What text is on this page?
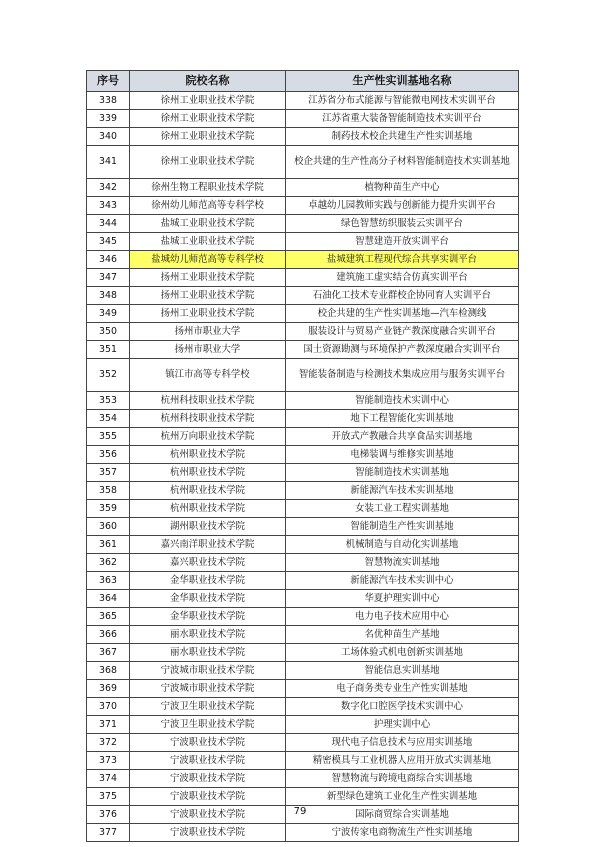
序号	院校名称	生产性实训基地名称
338	徐州工业职业技术学院	江苏省分布式能源与智能微电网技术实训平台
339	徐州工业职业技术学院	江苏省重大装备智能制造技术实训平台
340	徐州工业职业技术学院	制药技术校企共建生产性实训基地
341	徐州工业职业技术学院	校企共建的生产性高分子材料智能制造技术实训基地
342	徐州生物工程职业技术学院	植物种苗生产中心
343	徐州幼儿师范高等专科学校	卓越幼儿园教师实践与创新能力提升实训平台
344	盐城工业职业技术学院	绿色智慧纺织服装云实训平台
345	盐城工业职业技术学院	智慧建造开放实训平台
346	盐城幼儿师范高等专科学校	盐城建筑工程现代综合共享实训平台
347	扬州工业职业技术学院	建筑施工虚实结合仿真实训平台
348	扬州工业职业技术学院	石油化工技术专业群校企协同育人实训平台
349	扬州工业职业技术学院	校企共建的生产性实训基地—汽车检测线
350	扬州市职业大学	服装设计与贸易产业链产教深度融合实训平台
351	扬州市职业大学	国土资源勘测与环境保护产教深度融合实训平台
352	镇江市高等专科学校	智能装备制造与检测技术集成应用与服务实训平台
353	杭州科技职业技术学院	智能制造技术实训中心
354	杭州科技职业技术学院	地下工程智能化实训基地
355	杭州万向职业技术学院	开放式产教融合共享食品实训基地
356	杭州职业技术学院	电梯装调与维修实训基地
357	杭州职业技术学院	智能制造技术实训基地
358	杭州职业技术学院	新能源汽车技术实训基地
359	杭州职业技术学院	女装工业工程实训基地
360	湖州职业技术学院	智能制造生产性实训基地
361	嘉兴南洋职业技术学院	机械制造与自动化实训基地
362	嘉兴职业技术学院	智慧物流实训基地
363	金华职业技术学院	新能源汽车技术实训中心
364	金华职业技术学院	华夏护理实训中心
365	金华职业技术学院	电力电子技术应用中心
366	丽水职业技术学院	名优种苗生产基地
367	丽水职业技术学院	工场体验式机电创新实训基地
368	宁波城市职业技术学院	智能信息实训基地
369	宁波城市职业技术学院	电子商务类专业生产性实训基地
370	宁波卫生职业技术学院	数字化口腔医学技术实训中心
371	宁波卫生职业技术学院	护理实训中心
372	宁波职业技术学院	现代电子信息技术与应用实训基地
373	宁波职业技术学院	精密模具与工业机器人应用开放式实训基地
374	宁波职业技术学院	智慧物流与跨境电商综合实训基地
375	宁波职业技术学院	新型绿色建筑工业化生产性实训基地
376	宁波职业技术学院	国际商贸综合实训基地
377	宁波职业技术学院	宁波传家电商物流生产性实训基地
79
